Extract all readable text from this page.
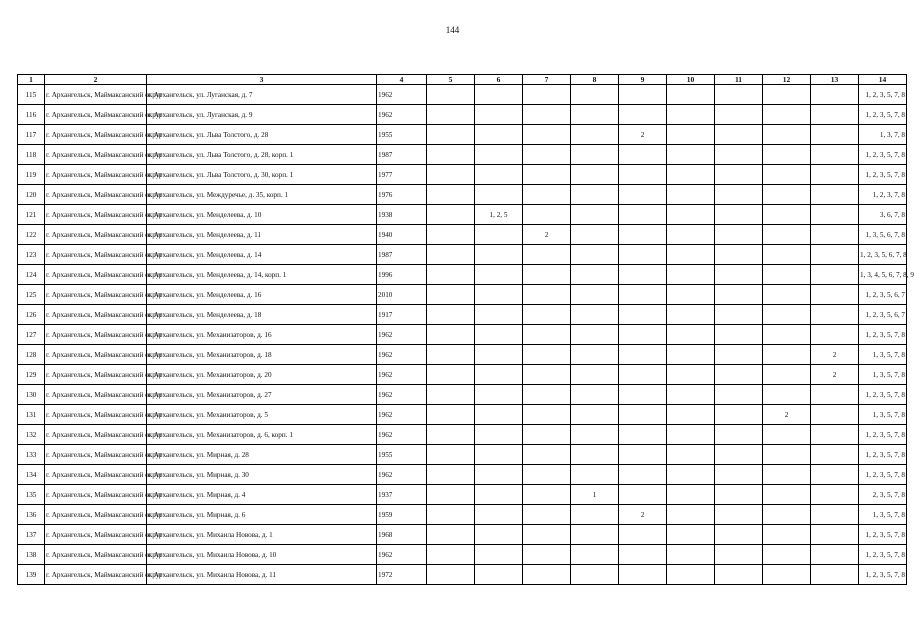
144
1	2	3	4	5	6	7	8	9	10	11	12	13	14
115	г. Архангельск, Маймаксанский округ	г. Архангельск, ул. Луганская, д. 7	1962										1, 2, 3, 5, 7, 8
116	г. Архангельск, Маймаксанский округ	г. Архангельск, ул. Луганская, д. 9	1962										1, 2, 3, 5, 7, 8
117	г. Архангельск, Маймаксанский округ	г. Архангельск, ул. Льва Толстого, д. 28	1955					2					1, 3, 7, 8
118	г. Архангельск, Маймаксанский округ	г. Архангельск, ул. Льва Толстого, д. 28, корп. 1	1987										1, 2, 3, 5, 7, 8
119	г. Архангельск, Маймаксанский округ	г. Архангельск, ул. Льва Толстого, д. 30, корп. 1	1977										1, 2, 3, 5, 7, 8
120	г. Архангельск, Маймаксанский округ	г. Архангельск, ул. Междуречье, д. 35, корп. 1	1976										1, 2, 3, 7, 8
121	г. Архангельск, Маймаксанский округ	г. Архангельск, ул. Менделеева, д. 10	1938		1, 2, 5								3, 6, 7, 8
122	г. Архангельск, Маймаксанский округ	г. Архангельск, ул. Менделеева, д. 11	1940			2							1, 3, 5, 6, 7, 8
123	г. Архангельск, Маймаксанский округ	г. Архангельск, ул. Менделеева, д. 14	1987										1, 2, 3, 5, 6, 7, 8
124	г. Архангельск, Маймаксанский округ	г. Архангельск, ул. Менделеева, д. 14, корп. 1	1996										1, 3, 4, 5, 6, 7, 8, 9
125	г. Архангельск, Маймаксанский округ	г. Архангельск, ул. Менделеева, д. 16	2010										1, 2, 3, 5, 6, 7
126	г. Архангельск, Маймаксанский округ	г. Архангельск, ул. Менделеева, д. 18	1917										1, 2, 3, 5, 6, 7
127	г. Архангельск, Маймаксанский округ	г. Архангельск, ул. Механизаторов, д. 16	1962										1, 2, 3, 5, 7, 8
128	г. Архангельск, Маймаксанский округ	г. Архангельск, ул. Механизаторов, д. 18	1962									2	1, 3, 5, 7, 8
129	г. Архангельск, Маймаксанский округ	г. Архангельск, ул. Механизаторов, д. 20	1962									2	1, 3, 5, 7, 8
130	г. Архангельск, Маймаксанский округ	г. Архангельск, ул. Механизаторов, д. 27	1962										1, 2, 3, 5, 7, 8
131	г. Архангельск, Маймаксанский округ	г. Архангельск, ул. Механизаторов, д. 5	1962								2		1, 3, 5, 7, 8
132	г. Архангельск, Маймаксанский округ	г. Архангельск, ул. Механизаторов, д. 6, корп. 1	1962										1, 2, 3, 5, 7, 8
133	г. Архангельск, Маймаксанский округ	г. Архангельск, ул. Мирная, д. 28	1955										1, 2, 3, 5, 7, 8
134	г. Архангельск, Маймаксанский округ	г. Архангельск, ул. Мирная, д. 30	1962										1, 2, 3, 5, 7, 8
135	г. Архангельск, Маймаксанский округ	г. Архангельск, ул. Мирная, д. 4	1937				1						2, 3, 5, 7, 8
136	г. Архангельск, Маймаксанский округ	г. Архангельск, ул. Мирная, д. 6	1959					2					1, 3, 5, 7, 8
137	г. Архангельск, Маймаксанский округ	г. Архангельск, ул. Михаила Новова, д. 1	1968										1, 2, 3, 5, 7, 8
138	г. Архангельск, Маймаксанский округ	г. Архангельск, ул. Михаила Новова, д. 10	1962										1, 2, 3, 5, 7, 8
139	г. Архангельск, Маймаксанский округ	г. Архангельск, ул. Михаила Новова, д. 11	1972										1, 2, 3, 5, 7, 8
